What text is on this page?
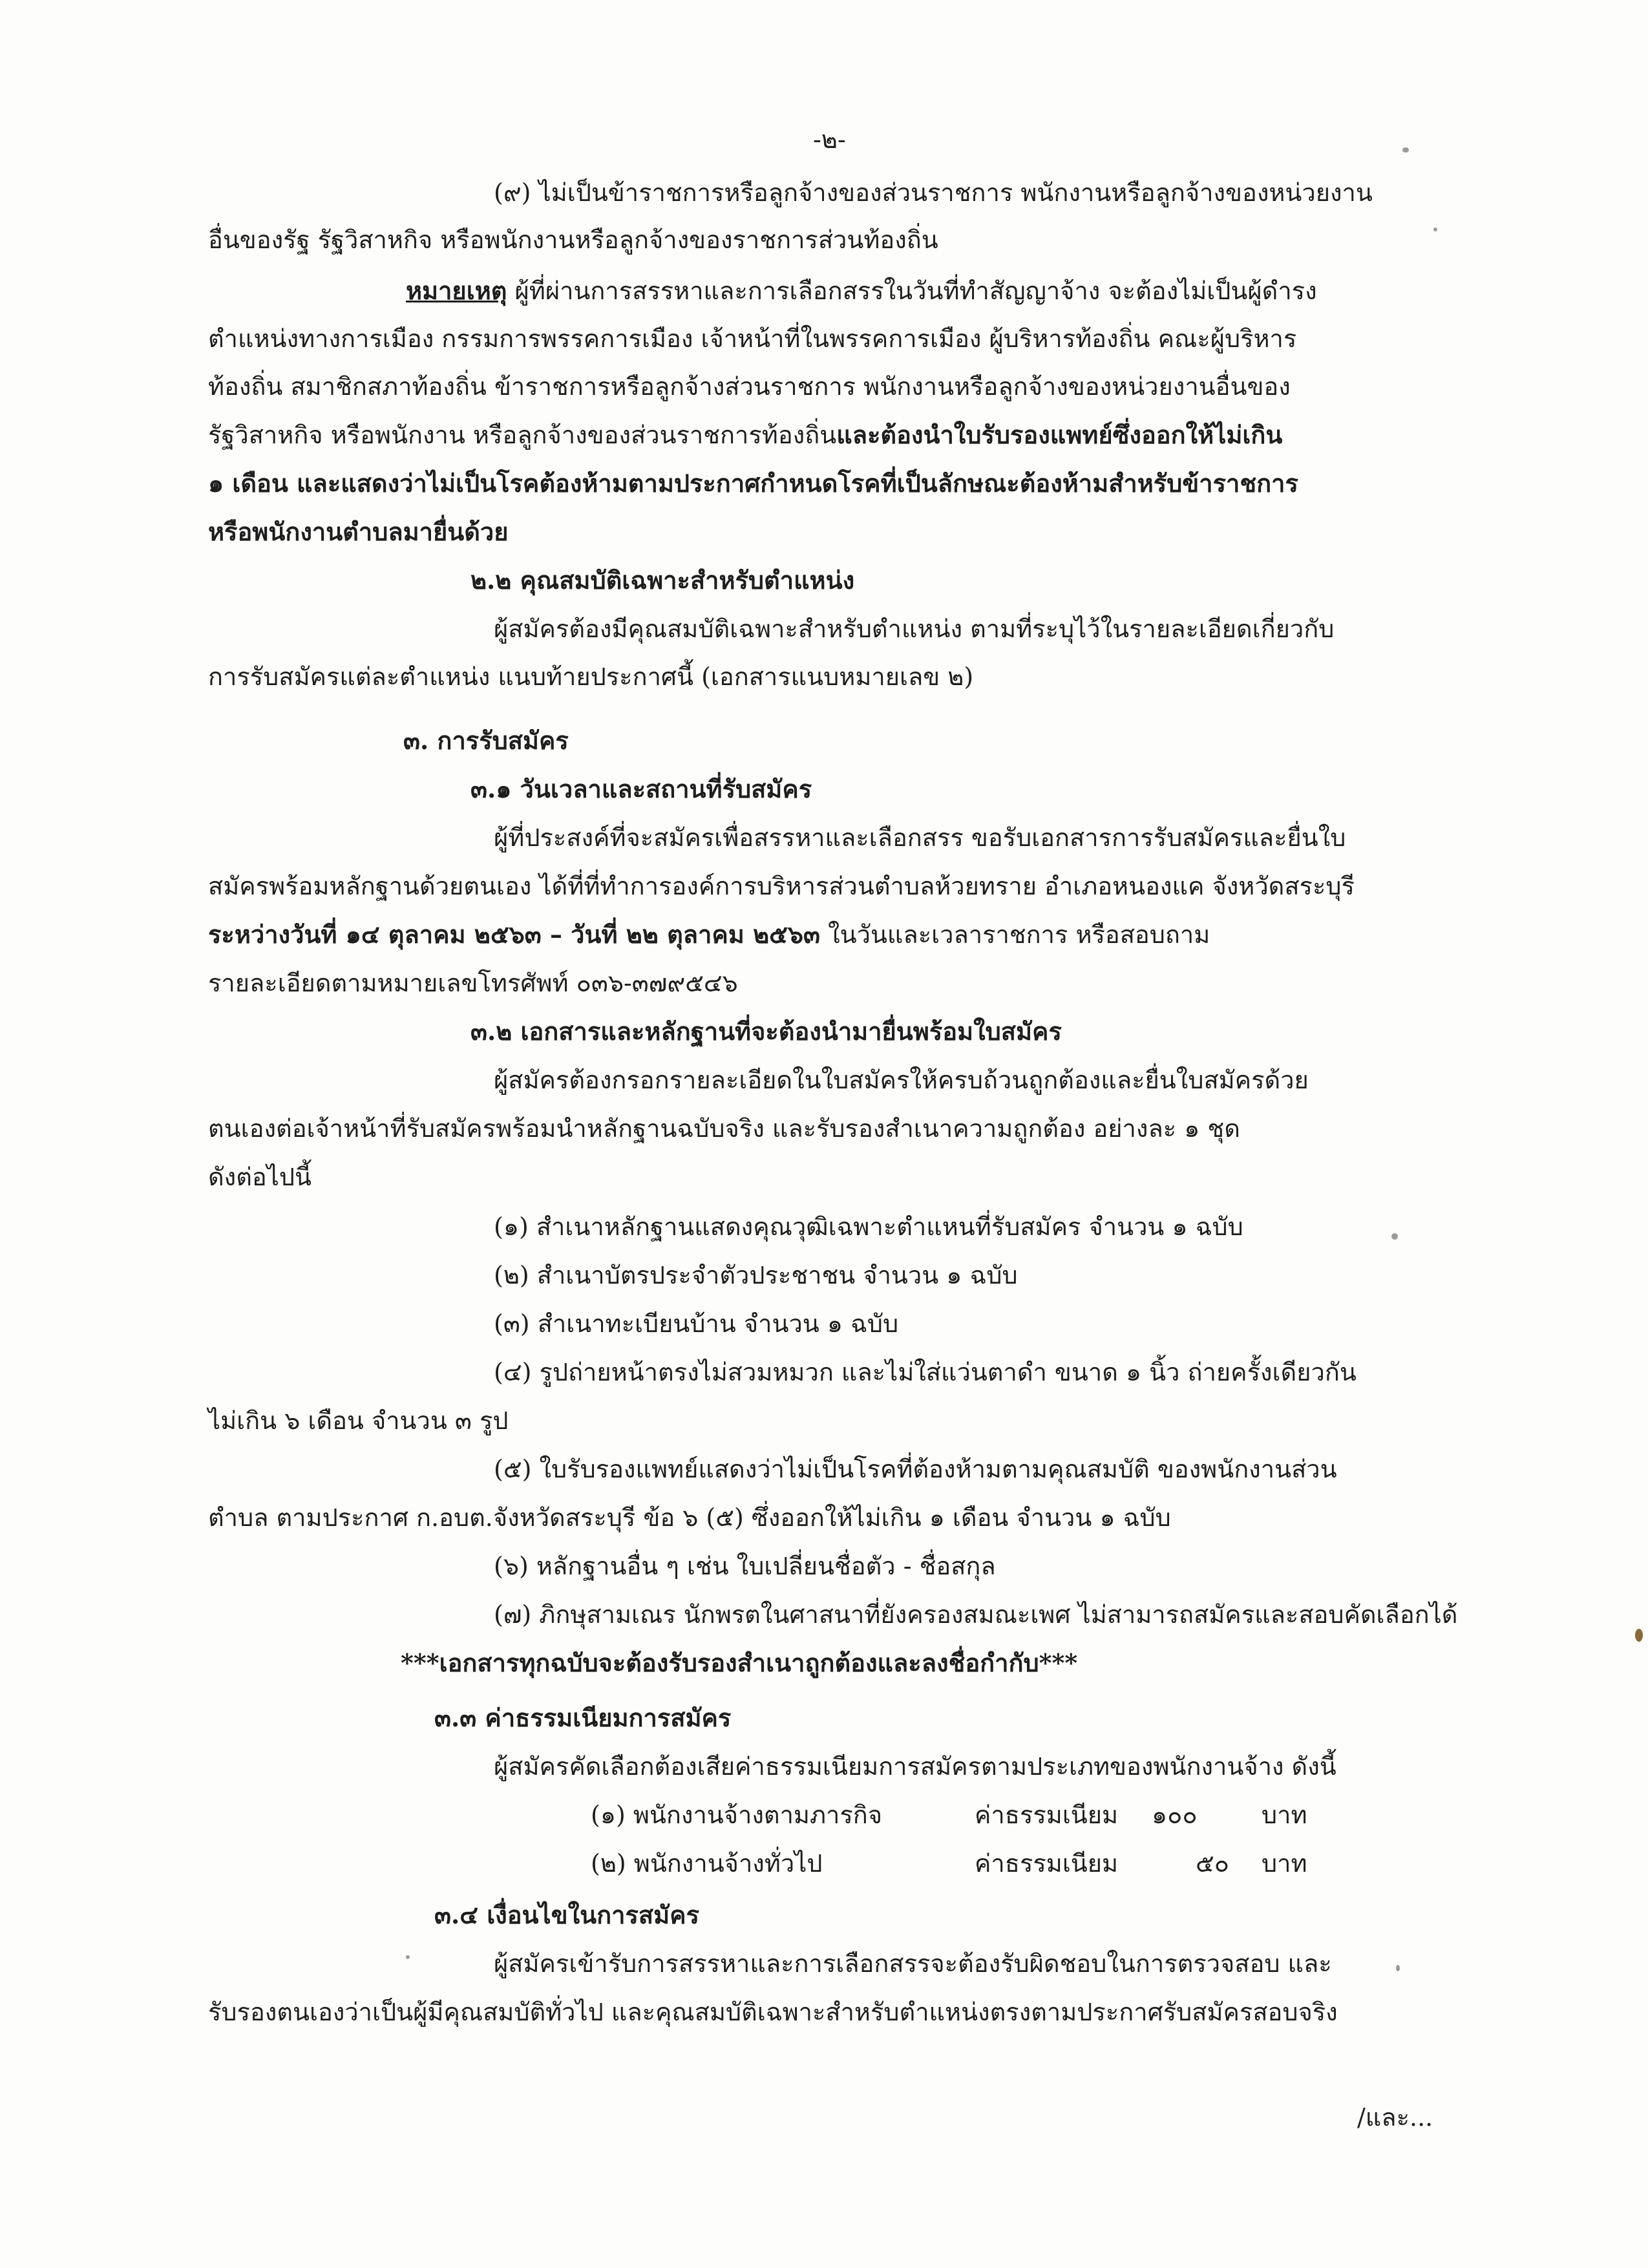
-๒-
(๙) ไม่เป็นข้าราชการหรือลูกจ้างของส่วนราชการ พนักงานหรือลูกจ้างของหน่วยงาน
อื่นของรัฐ รัฐวิสาหกิจ หรือพนักงานหรือลูกจ้างของราชการส่วนท้องถิ่น
หมายเหตุ ผู้ที่ผ่านการสรรหาและการเลือกสรรในวันที่ทำสัญญาจ้าง จะต้องไม่เป็นผู้ดำรง
ตำแหน่งทางการเมือง กรรมการพรรคการเมือง เจ้าหน้าที่ในพรรคการเมือง ผู้บริหารท้องถิ่น คณะผู้บริหาร
ท้องถิ่น สมาชิกสภาท้องถิ่น ข้าราชการหรือลูกจ้างส่วนราชการ พนักงานหรือลูกจ้างของหน่วยงานอื่นของ
รัฐวิสาหกิจ หรือพนักงาน หรือลูกจ้างของส่วนราชการท้องถิ่นและต้องนำใบรับรองแพทย์ซึ่งออกให้ไม่เกิน
๑ เดือน และแสดงว่าไม่เป็นโรคต้องห้ามตามประกาศกำหนดโรคที่เป็นลักษณะต้องห้ามสำหรับข้าราชการ
หรือพนักงานตำบลมายื่นด้วย
๒.๒ คุณสมบัติเฉพาะสำหรับตำแหน่ง
ผู้สมัครต้องมีคุณสมบัติเฉพาะสำหรับตำแหน่ง ตามที่ระบุไว้ในรายละเอียดเกี่ยวกับ
การรับสมัครแต่ละตำแหน่ง แนบท้ายประกาศนี้ (เอกสารแนบหมายเลข ๒)
๓. การรับสมัคร
๓.๑ วันเวลาและสถานที่รับสมัคร
ผู้ที่ประสงค์ที่จะสมัครเพื่อสรรหาและเลือกสรร ขอรับเอกสารการรับสมัครและยื่นใบ
สมัครพร้อมหลักฐานด้วยตนเอง ได้ที่ที่ทำการองค์การบริหารส่วนตำบลห้วยทราย อำเภอหนองแค จังหวัดสระบุรี
ระหว่างวันที่ ๑๔ ตุลาคม ๒๕๖๓ – วันที่ ๒๒ ตุลาคม ๒๕๖๓ ในวันและเวลาราชการ หรือสอบถาม
รายละเอียดตามหมายเลขโทรศัพท์ ๐๓๖-๓๗๙๕๔๖
๓.๒ เอกสารและหลักฐานที่จะต้องนำมายื่นพร้อมใบสมัคร
ผู้สมัครต้องกรอกรายละเอียดในใบสมัครให้ครบถ้วนถูกต้องและยื่นใบสมัครด้วย
ตนเองต่อเจ้าหน้าที่รับสมัครพร้อมนำหลักฐานฉบับจริง และรับรองสำเนาความถูกต้อง อย่างละ ๑ ชุด
ดังต่อไปนี้
(๑) สำเนาหลักฐานแสดงคุณวุฒิเฉพาะตำแหนที่รับสมัคร จำนวน ๑ ฉบับ
(๒) สำเนาบัตรประจำตัวประชาชน จำนวน ๑ ฉบับ
(๓) สำเนาทะเบียนบ้าน จำนวน ๑ ฉบับ
(๔) รูปถ่ายหน้าตรงไม่สวมหมวก และไม่ใส่แว่นตาดำ ขนาด ๑ นิ้ว ถ่ายครั้งเดียวกัน
ไม่เกิน ๖ เดือน จำนวน ๓ รูป
(๕) ใบรับรองแพทย์แสดงว่าไม่เป็นโรคที่ต้องห้ามตามคุณสมบัติ ของพนักงานส่วน
ตำบล ตามประกาศ ก.อบต.จังหวัดสระบุรี ข้อ ๖ (๕) ซึ่งออกให้ไม่เกิน ๑ เดือน จำนวน ๑ ฉบับ
(๖) หลักฐานอื่น ๆ เช่น ใบเปลี่ยนชื่อตัว - ชื่อสกุล
(๗) ภิกษุสามเณร นักพรตในศาสนาที่ยังครองสมณะเพศ ไม่สามารถสมัครและสอบคัดเลือกได้
***เอกสารทุกฉบับจะต้องรับรองสำเนาถูกต้องและลงชื่อกำกับ***
๓.๓ ค่าธรรมเนียมการสมัคร
ผู้สมัครคัดเลือกต้องเสียค่าธรรมเนียมการสมัครตามประเภทของพนักงานจ้าง ดังนี้
(๑) พนักงานจ้างตามภารกิจ	ค่าธรรมเนียม ๑๐๐	บาท
(๒) พนักงานจ้างทั่วไป	ค่าธรรมเนียม	๕๐ บาท
๓.๔ เงื่อนไขในการสมัคร
ผู้สมัครเข้ารับการสรรหาและการเลือกสรรจะต้องรับผิดชอบในการตรวจสอบ และ
รับรองตนเองว่าเป็นผู้มีคุณสมบัติทั่วไป และคุณสมบัติเฉพาะสำหรับตำแหน่งตรงตามประกาศรับสมัครสอบจริง
/และ...
